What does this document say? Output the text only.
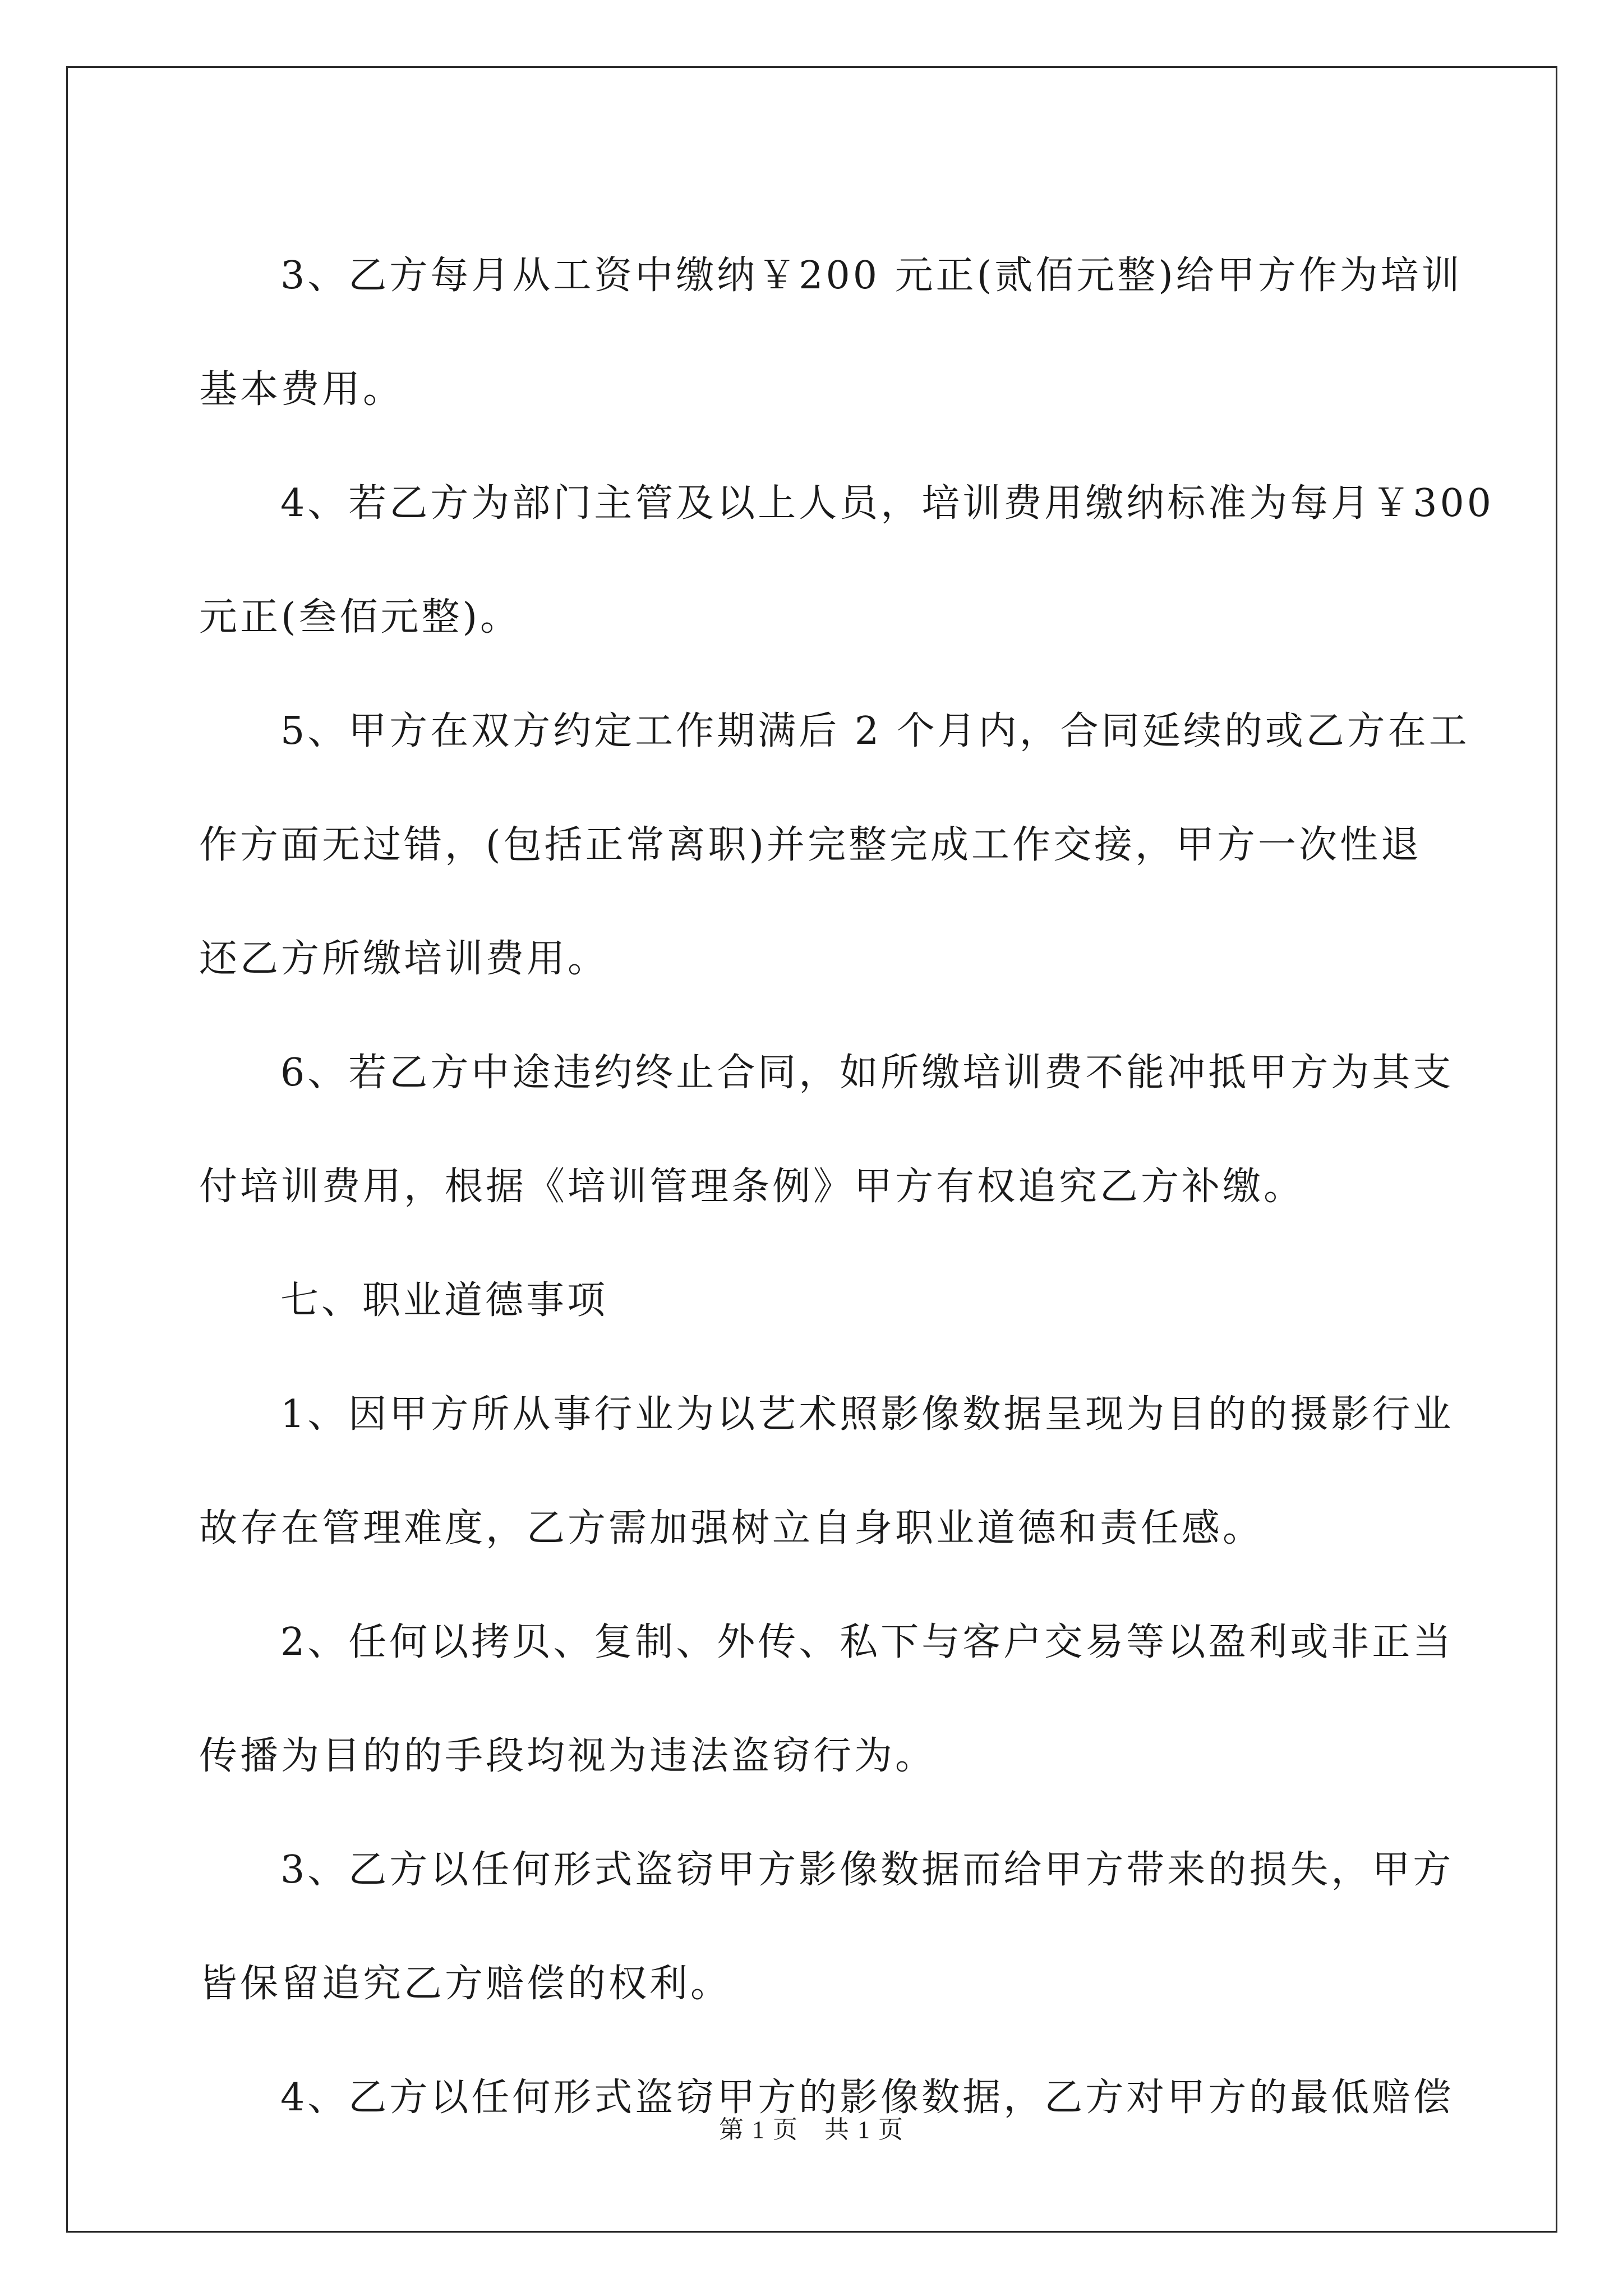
3、乙方每月从工资中缴纳￥200 元正(贰佰元整)给甲方作为培训
基本费用。

4、若乙方为部门主管及以上人员，培训费用缴纳标准为每月￥300
元正(叁佰元整)。

5、甲方在双方约定工作期满后 2 个月内，合同延续的或乙方在工
作方面无过错，(包括正常离职)并完整完成工作交接，甲方一次性退
还乙方所缴培训费用。

6、若乙方中途违约终止合同，如所缴培训费不能冲抵甲方为其支
付培训费用，根据《培训管理条例》甲方有权追究乙方补缴。

七、职业道德事项

1、因甲方所从事行业为以艺术照影像数据呈现为目的的摄影行业
故存在管理难度，乙方需加强树立自身职业道德和责任感。

2、任何以拷贝、复制、外传、私下与客户交易等以盈利或非正当
传播为目的的手段均视为违法盗窃行为。

3、乙方以任何形式盗窃甲方影像数据而给甲方带来的损失，甲方
皆保留追究乙方赔偿的权利。

4、乙方以任何形式盗窃甲方的影像数据，乙方对甲方的最低赔偿

第 1 页　共 1 页
